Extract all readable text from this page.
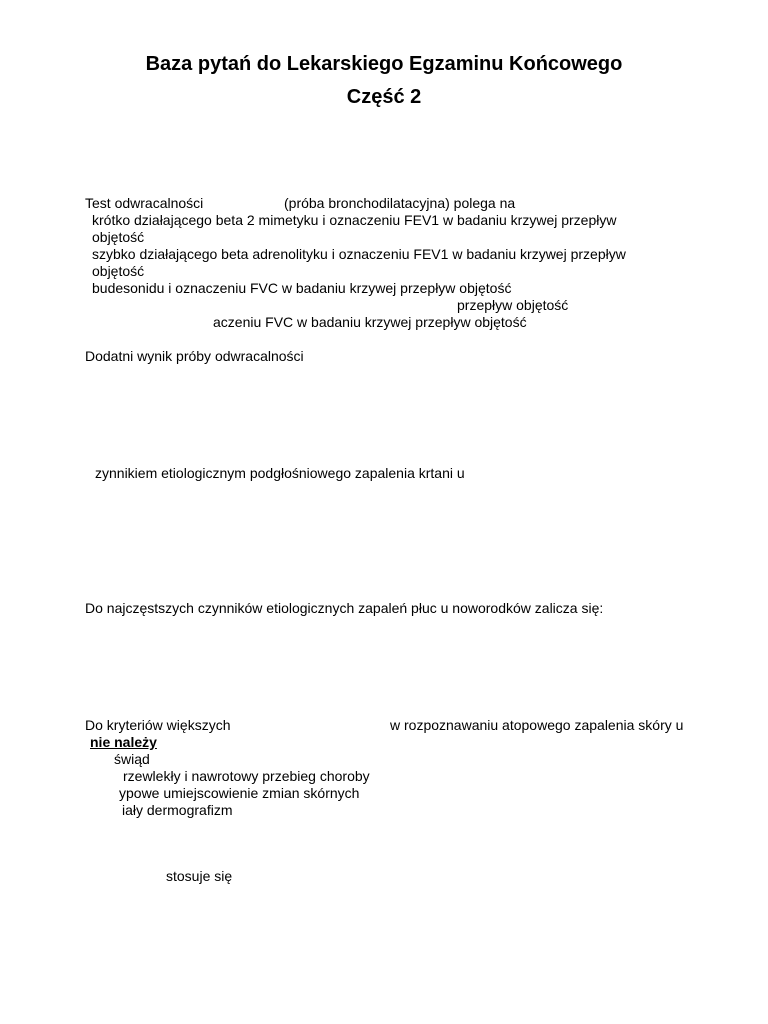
Baza pytań do Lekarskiego Egzaminu Końcowego
Część 2
Test odwracalności	(próba bronchodilatacyjna) polega na
krótko działającego beta 2 mimetyku i oznaczeniu FEV1 w badaniu krzywej przepływ
objętość
szybko działającego beta adrenolityku i oznaczeniu FEV1 w badaniu krzywej przepływ
objętość
budesonidu i oznaczeniu FVC w badaniu krzywej przepływ objętość
przepływ objętość
aczeniu FVC w badaniu krzywej przepływ objętość
Dodatni wynik próby odwracalności
zynnikiem etiologicznym podgłośniowego zapalenia krtani u
Do najczęstszych czynników etiologicznych zapaleń płuc u noworodków zalicza się:
Do kryteriów większych	w rozpoznawaniu atopowego zapalenia skóry u
nie należy
świąd
rzewlekły i nawrotowy przebieg choroby
ypowe umiejscowienie zmian skórnych
iały dermografizm
stosuje się
